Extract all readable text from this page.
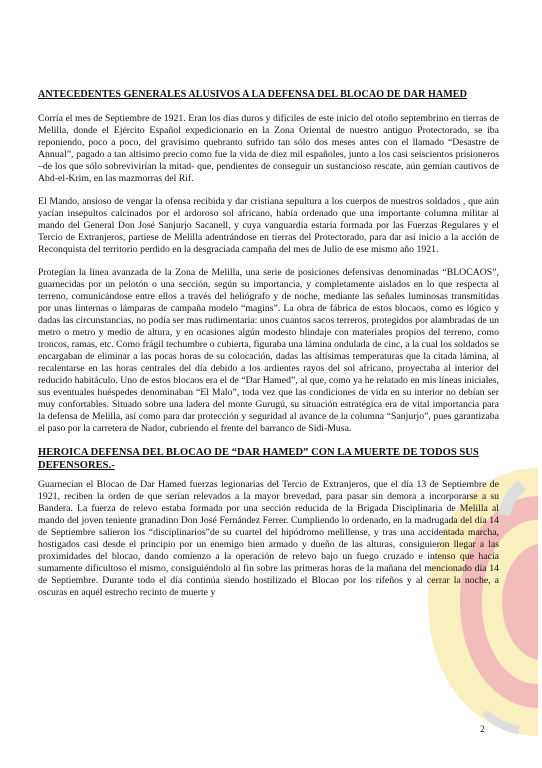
ANTECEDENTES GENERALES ALUSIVOS A LA DEFENSA DEL BLOCAO DE DAR HAMED

Corría el mes de Septiembre de 1921. Eran los días duros y difíciles de este inicio del otoño septembrino en tierras de Melilla, donde el Ejército Español expedicionario en la Zona Oriental de nuestro antiguo Protectorado, se iba reponiendo, poco a poco, del gravísimo quebranto sufrido tan sólo dos meses antes con el llamado “Desastre de Annual”, pagado a tan altísimo precio como fue la vida de diez mil españoles, junto a los casi seiscientos prisioneros –de los que sólo sobrevivirían la mitad- que, pendientes de conseguir un sustancioso rescate, aún gemían cautivos de Abd-el-Krim, en las mazmorras del Rif.

El Mando, ansioso de vengar la ofensa recibida y dar cristiana sepultura a los cuerpos de nuestros soldados , que aún yacían insepultos calcinados por el ardoroso sol africano, había ordenado que una importante columna militar al mando del General Don José Sanjurjo Sacanell, y cuya vanguardia estaría formada por las Fuerzas Regulares y el Tercio de Extranjeros, partiese de Melilla adentrándose en tierras del Protectorado, para dar así inicio a la acción de Reconquista del territorio perdido en la desgraciada campaña del mes de Julio de ese mismo año 1921.

Protegían la línea avanzada de la Zona de Melilla, una serie de posiciones defensivas denominadas “BLOCAOS”, guarnecidas por un pelotón o una sección, según su importancia, y completamente aislados en lo que respecta al terreno, comunicándose entre ellos a través del heliógrafo y de noche, mediante las señales luminosas transmitidas por unas linternas o lámparas de campaña modelo “magins”. La obra de fábrica de estos blocaos, como es lógico y dadas las circunstancias, no podía ser mas rudimentaria: unos cuantos sacos terreros, protegidos por alambradas de un metro o metro y medio de altura, y en ocasiones algún modesto blindaje con materiales propios del terreno, como troncos, ramas, etc. Como frágil techumbre o cubierta, figuraba una lámina ondulada de cinc, a la cual los soldados se encargaban de eliminar a las pocas horas de su colocación, dadas las altísimas temperaturas que la citada lámina, al recalentarse en las horas centrales del día debido a los ardientes rayos del sol africano, proyectaba al interior del reducido habitáculo. Uno de estos blocaos era el de “Dar Hamed”, al que, como ya he relatado en mis líneas iniciales, sus eventuales huéspedes denominaban “El Malo”, toda vez que las condiciones de vida en su interior no debían ser muy confortables. Situado sobre una ladera del monte Gurugú, su situación estratégica era de vital importancia para la defensa de Melilla, así como para dar protección y seguridad al avance de la columna “Sanjurjo”, pues garantizaba el paso por la carretera de Nador, cubriendo el frente del barranco de Sidi-Musa.

HEROICA DEFENSA DEL BLOCAO DE “DAR HAMED” CON LA MUERTE DE TODOS SUS DEFENSORES.-

Guarnecían el Blocao de Dar Hamed fuerzas legionarias del Tercio de Extranjeros, que el día 13 de Septiembre de 1921, reciben la orden de que serían relevados a la mayor brevedad, para pasar sin demora a incorporarse a su Bandera. La fuerza de relevo estaba formada por una sección reducida de la Brigada Disciplinaria de Melilla al mando del joven teniente granadino Don José Fernández Ferrer. Cumpliendo lo ordenado, en la madrugada del día 14 de Septiembre salieron los “disciplinarios”de su cuartel del hipódromo melillense, y tras una accidentada marcha, hostigados casi desde el principio por un enemigo bien armado y dueño de las alturas, consiguieron llegar a las proximidades del blocao, dando comienzo a la operación de relevo bajo un fuego cruzado e intenso que hacía sumamente dificultoso el mismo, consiguiéndolo al fin sobre las primeras horas de la mañana del mencionado día 14 de Septiembre. Durante todo el día continúa siendo hostilizado el Blocao por los rifeños y al cerrar la noche, a oscuras en aquél estrecho recinto de muerte y

2
